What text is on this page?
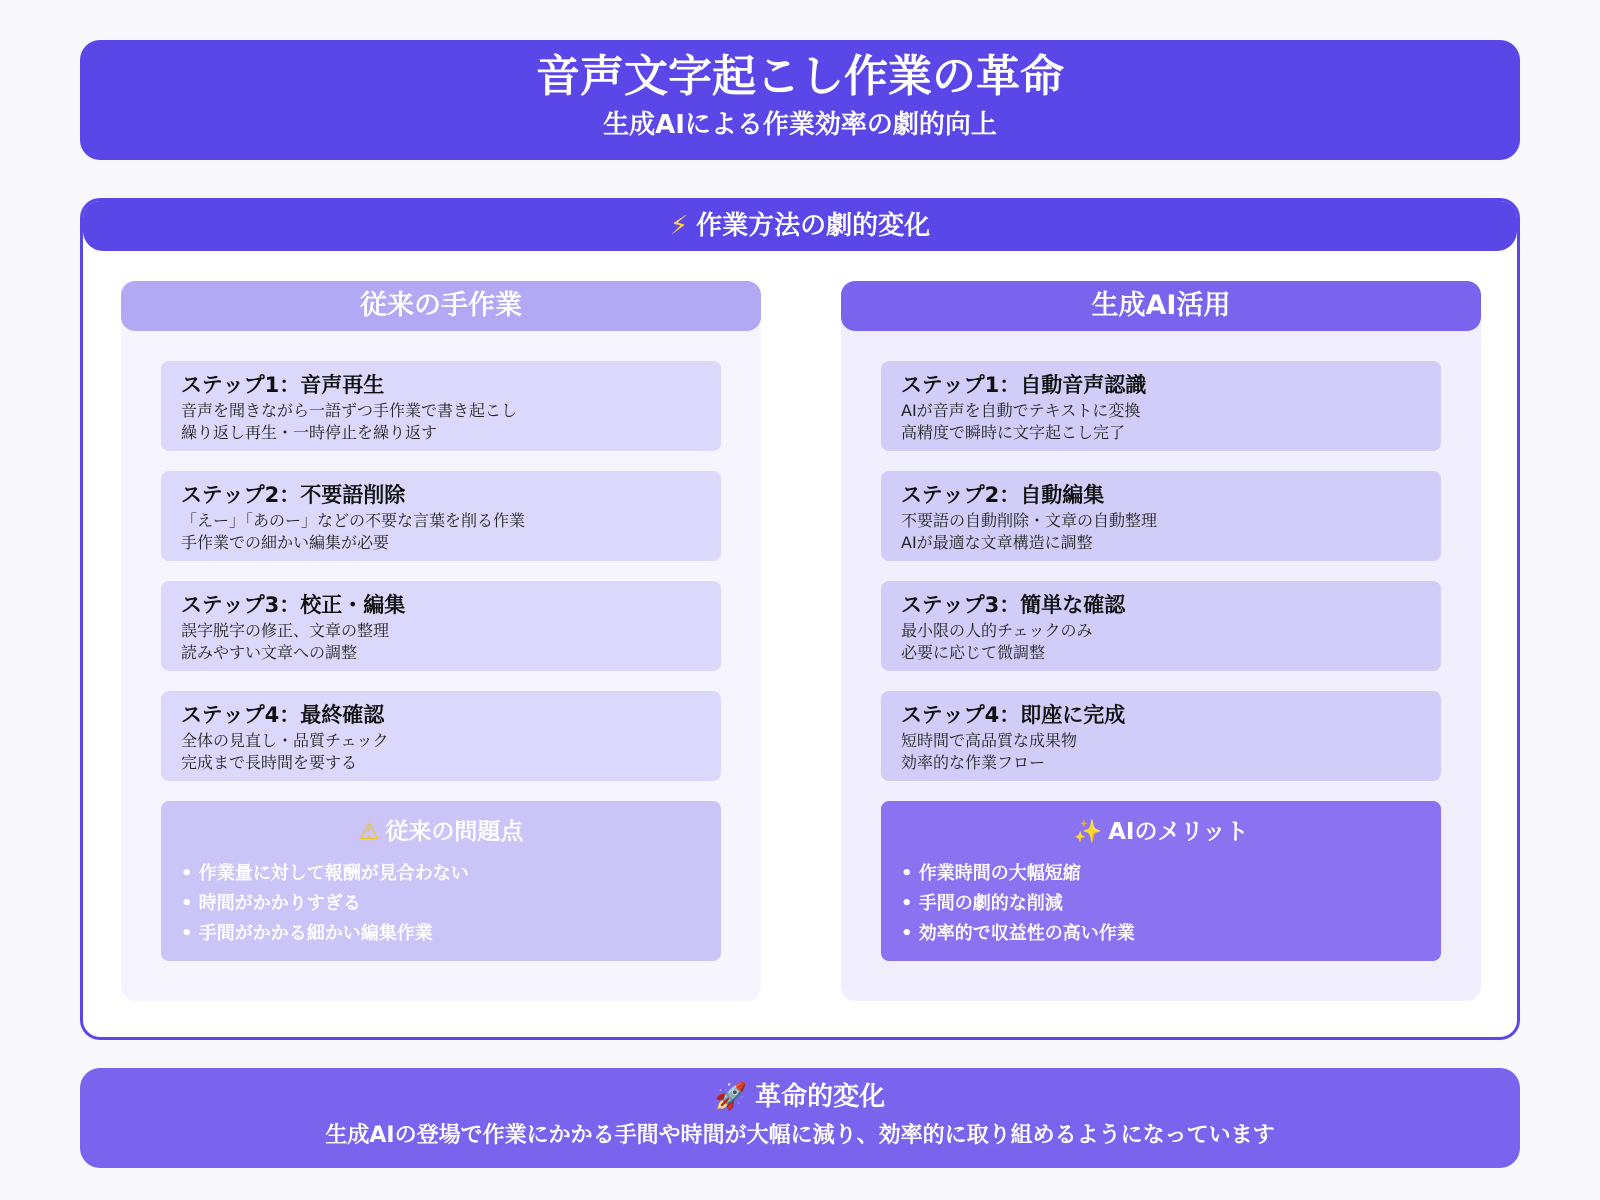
音声文字起こし作業の革命
生成AIによる作業効率の劇的向上
⚡ 作業方法の劇的変化
従来の手作業
ステップ1：音声再生
音声を聞きながら一語ずつ手作業で書き起こし
繰り返し再生・一時停止を繰り返す
ステップ2：不要語削除
「えー」「あのー」などの不要な言葉を削る作業
手作業での細かい編集が必要
ステップ3：校正・編集
誤字脱字の修正、文章の整理
読みやすい文章への調整
ステップ4：最終確認
全体の見直し・品質チェック
完成まで長時間を要する
⚠ 従来の問題点
• 作業量に対して報酬が見合わない
• 時間がかかりすぎる
• 手間がかかる細かい編集作業
生成AI活用
ステップ1：自動音声認識
AIが音声を自動でテキストに変換
高精度で瞬時に文字起こし完了
ステップ2：自動編集
不要語の自動削除・文章の自動整理
AIが最適な文章構造に調整
ステップ3：簡単な確認
最小限の人的チェックのみ
必要に応じて微調整
ステップ4：即座に完成
短時間で高品質な成果物
効率的な作業フロー
✨ AIのメリット
• 作業時間の大幅短縮
• 手間の劇的な削減
• 効率的で収益性の高い作業
🚀 革命的変化
生成AIの登場で作業にかかる手間や時間が大幅に減り、効率的に取り組めるようになっています
